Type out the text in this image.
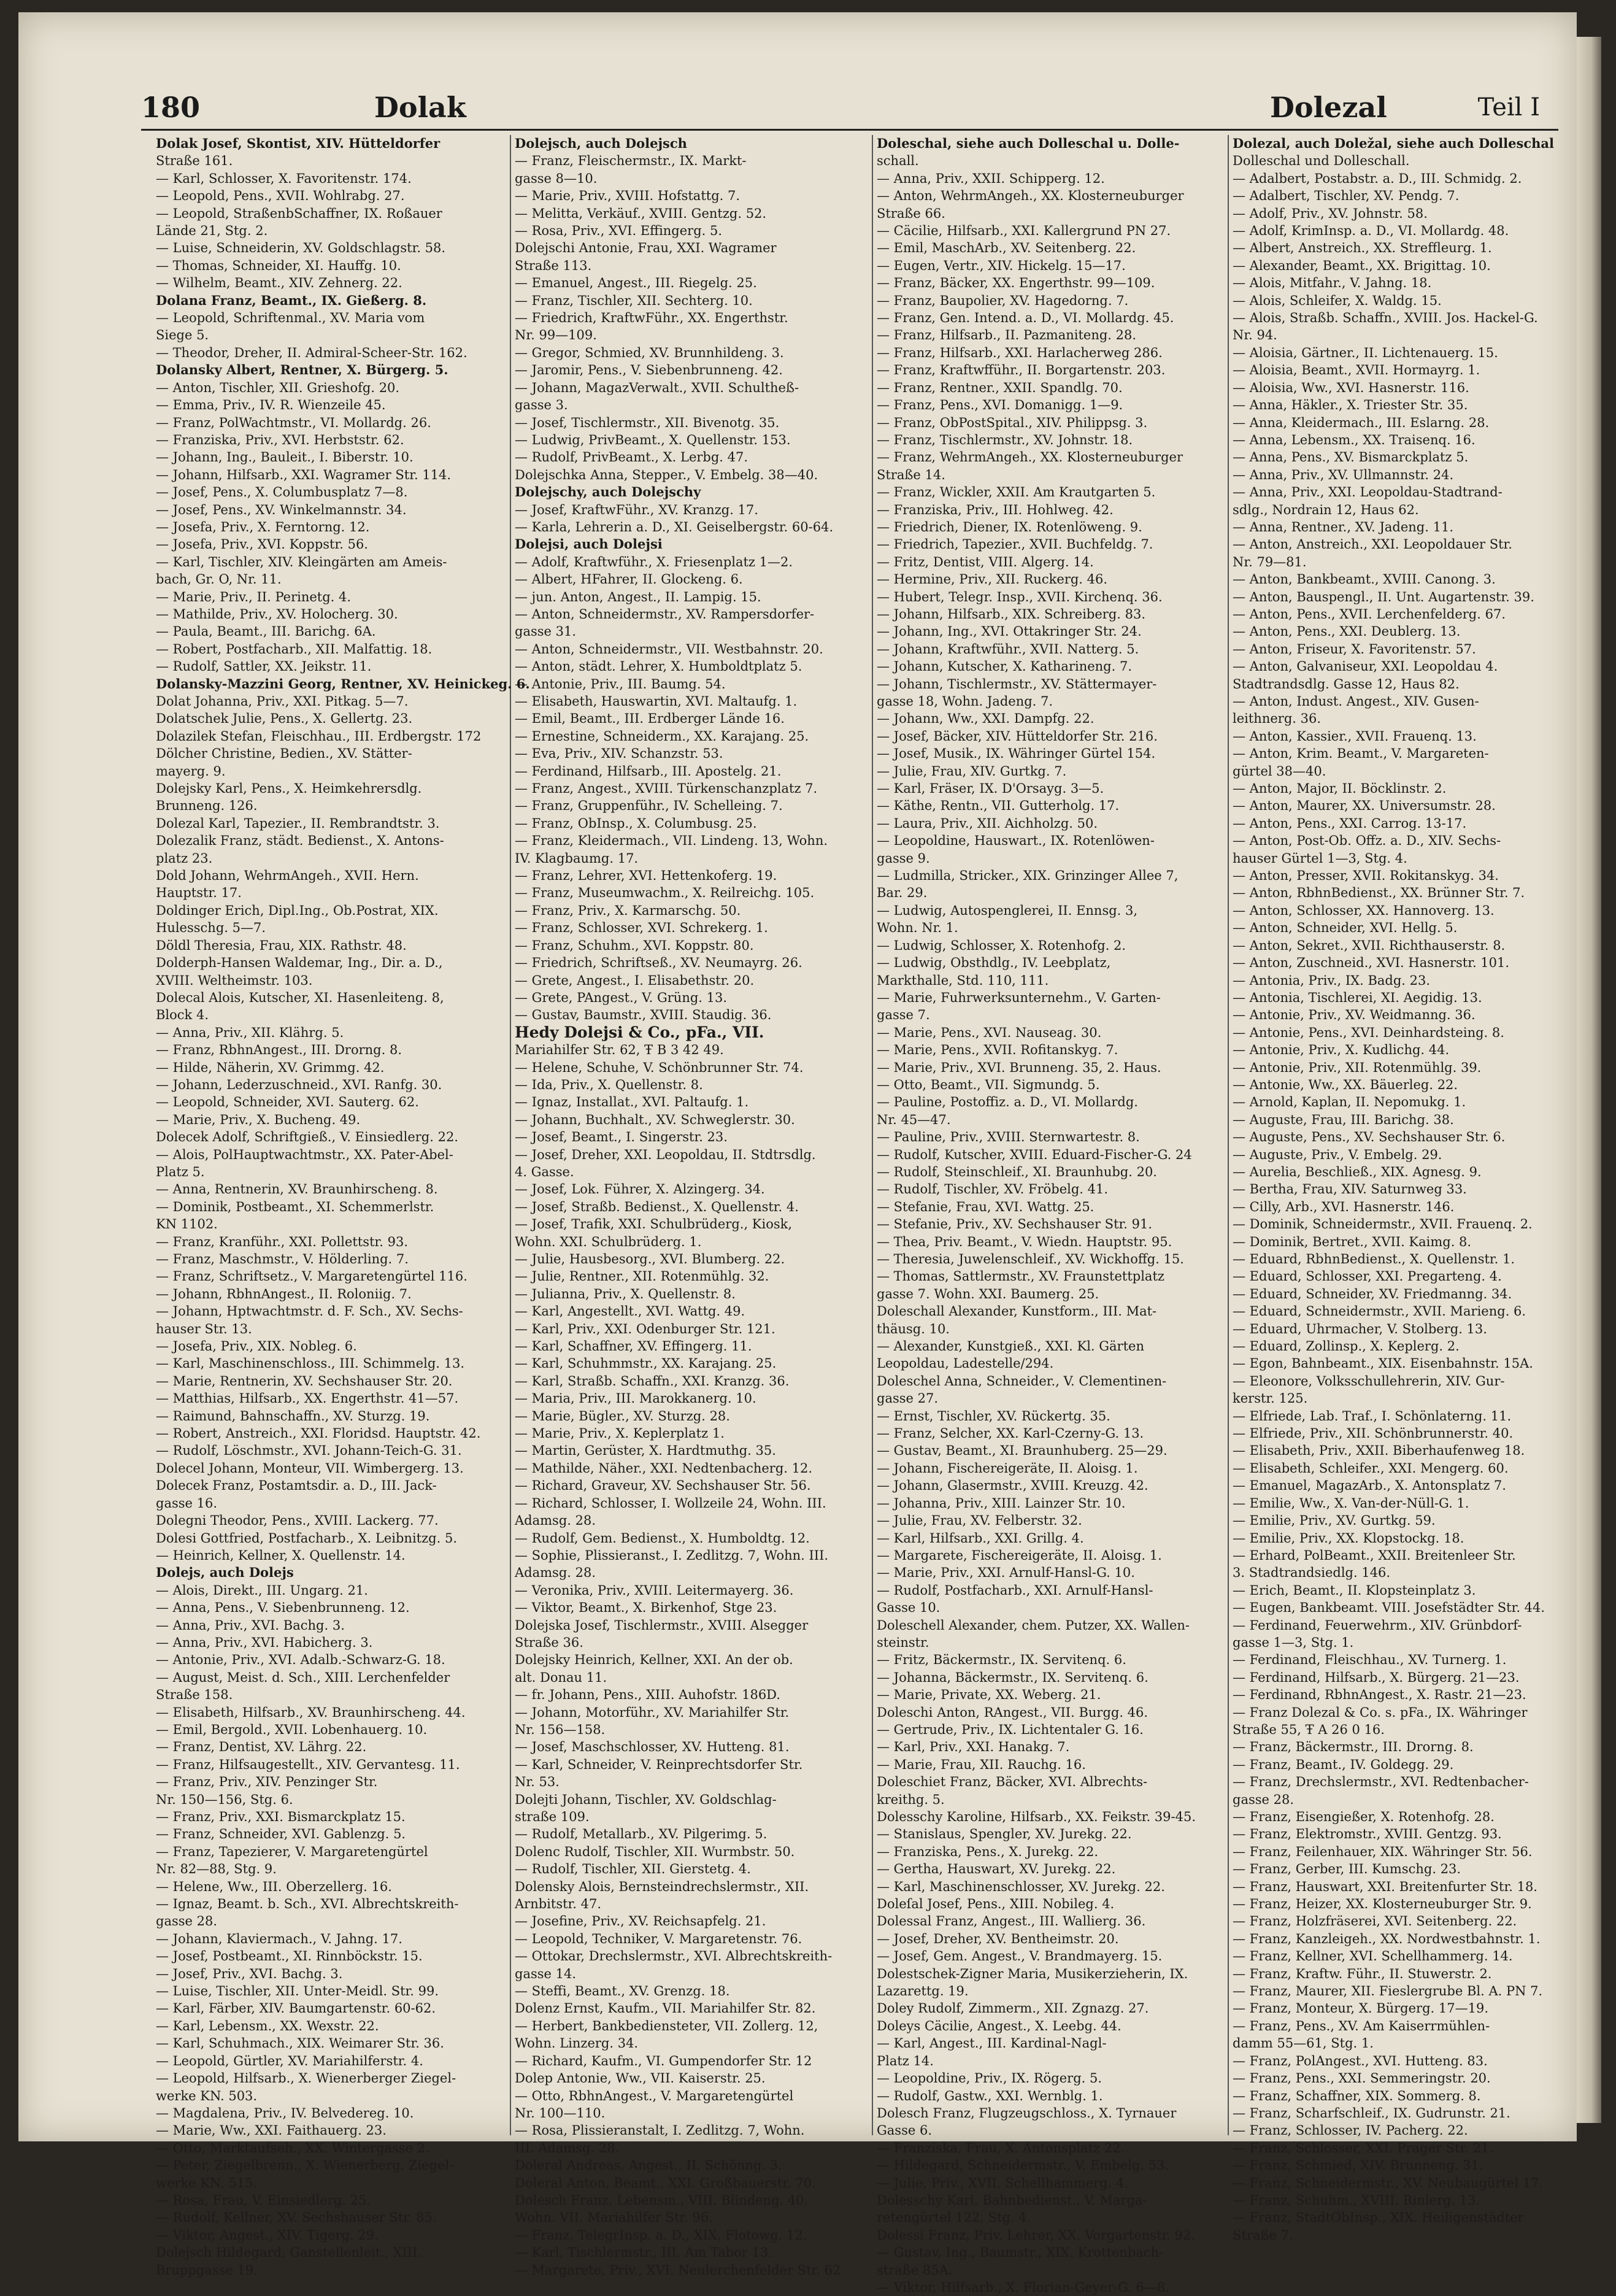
180	Dolak	Dolezal	Teil I
Dolak Josef, Skontist, XIV. Hütteldorfer
Straße 161.
— Karl, Schlosser, X. Favoritenstr. 174.
— Leopold, Pens., XVII. Wohlrabg. 27.
— Leopold, StraßenbSchaffner, IX. Roßauer
Lände 21, Stg. 2.
— Luise, Schneiderin, XV. Goldschlagstr. 58.
— Thomas, Schneider, XI. Hauffg. 10.
— Wilhelm, Beamt., XIV. Zehnerg. 22.
Dolana Franz, Beamt., IX. Gießerg. 8.
— Leopold, Schriftenmal., XV. Maria vom
Siege 5.
— Theodor, Dreher, II. Admiral-Scheer-Str. 162.
Dolansky Albert, Rentner, X. Bürgerg. 5.
— Anton, Tischler, XII. Grieshofg. 20.
— Emma, Priv., IV. R. Wienzeile 45.
— Franz, PolWachtmstr., VI. Mollardg. 26.
— Franziska, Priv., XVI. Herbststr. 62.
— Johann, Ing., Bauleit., I. Biberstr. 10.
— Johann, Hilfsarb., XXI. Wagramer Str. 114.
— Josef, Pens., X. Columbusplatz 7—8.
— Josef, Pens., XV. Winkelmannstr. 34.
— Josefa, Priv., X. Ferntorng. 12.
— Josefa, Priv., XVI. Koppstr. 56.
— Karl, Tischler, XIV. Kleingärten am Ameis-
bach, Gr. O, Nr. 11.
— Marie, Priv., II. Perinetg. 4.
— Mathilde, Priv., XV. Holocherg. 30.
— Paula, Beamt., III. Barichg. 6A.
— Robert, Postfacharb., XII. Malfattig. 18.
— Rudolf, Sattler, XX. Jeikstr. 11.
Dolansky-Mazzini Georg, Rentner, XV. Heinickeg. 6.
Dolat Johanna, Priv., XXI. Pitkag. 5—7.
Dolatschek Julie, Pens., X. Gellertg. 23.
Dolazilek Stefan, Fleischhau., III. Erdbergstr. 172
Dölcher Christine, Bedien., XV. Stätter-
mayerg. 9.
Dolejsky Karl, Pens., X. Heimkehrersdlg.
Brunneng. 126.
Dolezal Karl, Tapezier., II. Rembrandtstr. 3.
Dolezalik Franz, städt. Bedienst., X. Antons-
platz 23.
Dold Johann, WehrmAngeh., XVII. Hern.
Hauptstr. 17.
Doldinger Erich, Dipl.Ing., Ob.Postrat, XIX.
Hulesschg. 5—7.
Döldl Theresia, Frau, XIX. Rathstr. 48.
Dolderph-Hansen Waldemar, Ing., Dir. a. D.,
XVIII. Weltheimstr. 103.
Dolecal Alois, Kutscher, XI. Hasenleiteng. 8,
Block 4.
— Anna, Priv., XII. Klährg. 5.
— Franz, RbhnAngest., III. Drorng. 8.
— Hilde, Näherin, XV. Grimmg. 42.
— Johann, Lederzuschneid., XVI. Ranfg. 30.
— Leopold, Schneider, XVI. Sauterg. 62.
— Marie, Priv., X. Bucheng. 49.
Dolecek Adolf, Schriftgieß., V. Einsiedlerg. 22.
— Alois, PolHauptwachtmstr., XX. Pater-Abel-
Platz 5.
— Anna, Rentnerin, XV. Braunhirscheng. 8.
— Dominik, Postbeamt., XI. Schemmerlstr.
KN 1102.
— Franz, Kranführ., XXI. Pollettstr. 93.
— Franz, Maschmstr., V. Hölderling. 7.
— Franz, Schriftsetz., V. Margaretengürtel 116.
— Johann, RbhnAngest., II. Roloniig. 7.
— Johann, Hptwachtmstr. d. F. Sch., XV. Sechs-
hauser Str. 13.
— Josefa, Priv., XIX. Nobleg. 6.
— Karl, Maschinenschloss., III. Schimmelg. 13.
— Marie, Rentnerin, XV. Sechshauser Str. 20.
— Matthias, Hilfsarb., XX. Engerthstr. 41—57.
— Raimund, Bahnschaffn., XV. Sturzg. 19.
— Robert, Anstreich., XXI. Floridsd. Hauptstr. 42.
— Rudolf, Löschmstr., XVI. Johann-Teich-G. 31.
Dolecel Johann, Monteur, VII. Wimbergerg. 13.
Dolecek Franz, Postamtsdir. a. D., III. Jack-
gasse 16.
Dolegni Theodor, Pens., XVIII. Lackerg. 77.
Dolesi Gottfried, Postfacharb., X. Leibnitzg. 5.
— Heinrich, Kellner, X. Quellenstr. 14.
Dolejs, auch Dolejs
— Alois, Direkt., III. Ungarg. 21.
— Anna, Pens., V. Siebenbrunneng. 12.
— Anna, Priv., XVI. Bachg. 3.
— Anna, Priv., XVI. Habicherg. 3.
— Antonie, Priv., XVI. Adalb.-Schwarz-G. 18.
— August, Meist. d. Sch., XIII. Lerchenfelder
Straße 158.
— Elisabeth, Hilfsarb., XV. Braunhirscheng. 44.
— Emil, Bergold., XVII. Lobenhauerg. 10.
— Franz, Dentist, XV. Lährg. 22.
— Franz, Hilfsaugestellt., XIV. Gervantesg. 11.
— Franz, Priv., XIV. Penzinger Str.
Nr. 150—156, Stg. 6.
— Franz, Priv., XXI. Bismarckplatz 15.
— Franz, Schneider, XVI. Gablenzg. 5.
— Franz, Tapezierer, V. Margaretengürtel
Nr. 82—88, Stg. 9.
— Helene, Ww., III. Oberzellerg. 16.
— Ignaz, Beamt. b. Sch., XVI. Albrechtskreith-
gasse 28.
— Johann, Klaviermach., V. Jahng. 17.
— Josef, Postbeamt., XI. Rinnböckstr. 15.
— Josef, Priv., XVI. Bachg. 3.
— Luise, Tischler, XII. Unter-Meidl. Str. 99.
— Karl, Färber, XIV. Baumgartenstr. 60-62.
— Karl, Lebensm., XX. Wexstr. 22.
— Karl, Schuhmach., XIX. Weimarer Str. 36.
— Leopold, Gürtler, XV. Mariahilferstr. 4.
— Leopold, Hilfsarb., X. Wienerberger Ziegel-
werke KN. 503.
— Magdalena, Priv., IV. Belvedereg. 10.
— Marie, Ww., XXI. Faithauerg. 23.
— Otto, Marktaufseh., XX. Wintergasse 2.
— Peter, Ziegelbrenn., X. Wienerberg. Ziegel-
werke KN. 515.
— Rosa, Frau, V. Einsiedlerg. 25.
— Rudolf, Kellner, XV. Sechshauser Str. 85.
— Viktor, Angest., XIV. Tigerg. 29.
Dolejsch Hildegard, Ganstellenleit., XIII.
Bruppgasse 19.
Dolejsch, auch Dolejsch
— Franz, Fleischermstr., IX. Markt-
gasse 8—10.
— Marie, Priv., XVIII. Hofstattg. 7.
— Melitta, Verkäuf., XVIII. Gentzg. 52.
— Rosa, Priv., XVI. Effingerg. 5.
Dolejschi Antonie, Frau, XXI. Wagramer
Straße 113.
— Emanuel, Angest., III. Riegelg. 25.
— Franz, Tischler, XII. Sechterg. 10.
— Friedrich, KraftwFühr., XX. Engerthstr.
Nr. 99—109.
— Gregor, Schmied, XV. Brunnhildeng. 3.
— Jaromir, Pens., V. Siebenbrunneng. 42.
— Johann, MagazVerwalt., XVII. Schultheß-
gasse 3.
— Josef, Tischlermstr., XII. Bivenotg. 35.
— Ludwig, PrivBeamt., X. Quellenstr. 153.
— Rudolf, PrivBeamt., X. Lerbg. 47.
Dolejschka Anna, Stepper., V. Embelg. 38—40.
Dolejschy, auch Dolejschy
— Josef, KraftwFühr., XV. Kranzg. 17.
— Karla, Lehrerin a. D., XI. Geiselbergstr. 60-64.
Dolejsi, auch Dolejsi
— Adolf, Kraftwführ., X. Friesenplatz 1—2.
— Albert, HFahrer, II. Glockeng. 6.
— jun. Anton, Angest., II. Lampig. 15.
— Anton, Schneidermstr., XV. Rampersdorfer-
gasse 31.
— Anton, Schneidermstr., VII. Westbahnstr. 20.
— Anton, städt. Lehrer, X. Humboldtplatz 5.
— Antonie, Priv., III. Baumg. 54.
— Elisabeth, Hauswartin, XVI. Maltaufg. 1.
— Emil, Beamt., III. Erdberger Lände 16.
— Ernestine, Schneiderm., XX. Karajang. 25.
— Eva, Priv., XIV. Schanzstr. 53.
— Ferdinand, Hilfsarb., III. Apostelg. 21.
— Franz, Angest., XVIII. Türkenschanzplatz 7.
— Franz, Gruppenführ., IV. Schelleing. 7.
— Franz, ObInsp., X. Columbusg. 25.
— Franz, Kleidermach., VII. Lindeng. 13, Wohn.
IV. Klagbaumg. 17.
— Franz, Lehrer, XVI. Hettenkoferg. 19.
— Franz, Museumwachm., X. Reilreichg. 105.
— Franz, Priv., X. Karmarschg. 50.
— Franz, Schlosser, XVI. Schrekerg. 1.
— Franz, Schuhm., XVI. Koppstr. 80.
— Friedrich, Schriftseß., XV. Neumayrg. 26.
— Grete, Angest., I. Elisabethstr. 20.
— Grete, PAngest., V. Grüng. 13.
— Gustav, Baumstr., XVIII. Staudig. 36.
Hedy Dolejsi & Co., pFa., VII.
Mariahilfer Str. 62, Ŧ B 3 42 49.
— Helene, Schuhe, V. Schönbrunner Str. 74.
— Ida, Priv., X. Quellenstr. 8.
— Ignaz, Installat., XVI. Paltaufg. 1.
— Johann, Buchhalt., XV. Schweglerstr. 30.
— Josef, Beamt., I. Singerstr. 23.
— Josef, Dreher, XXI. Leopoldau, II. Stdtrsdlg.
4. Gasse.
— Josef, Lok. Führer, X. Alzingerg. 34.
— Josef, Straßb. Bedienst., X. Quellenstr. 4.
— Josef, Trafik, XXI. Schulbrüderg., Kiosk,
Wohn. XXI. Schulbrüderg. 1.
— Julie, Hausbesorg., XVI. Blumberg. 22.
— Julie, Rentner., XII. Rotenmühlg. 32.
— Julianna, Priv., X. Quellenstr. 8.
— Karl, Angestellt., XVI. Wattg. 49.
— Karl, Priv., XXI. Odenburger Str. 121.
— Karl, Schaffner, XV. Effingerg. 11.
— Karl, Schuhmmstr., XX. Karajang. 25.
— Karl, Straßb. Schaffn., XXI. Kranzg. 36.
— Maria, Priv., III. Marokkanerg. 10.
— Marie, Bügler., XV. Sturzg. 28.
— Marie, Priv., X. Keplerplatz 1.
— Martin, Gerüster, X. Hardtmuthg. 35.
— Mathilde, Näher., XXI. Nedtenbacherg. 12.
— Richard, Graveur, XV. Sechshauser Str. 56.
— Richard, Schlosser, I. Wollzeile 24, Wohn. III.
Adamsg. 28.
— Rudolf, Gem. Bedienst., X. Humboldtg. 12.
— Sophie, Plissieranst., I. Zedlitzg. 7, Wohn. III.
Adamsg. 28.
— Veronika, Priv., XVIII. Leitermayerg. 36.
— Viktor, Beamt., X. Birkenhof, Stge 23.
Dolejska Josef, Tischlermstr., XVIII. Alsegger
Straße 36.
Dolejsky Heinrich, Kellner, XXI. An der ob.
alt. Donau 11.
— fr. Johann, Pens., XIII. Auhofstr. 186D.
— Johann, Motorführ., XV. Mariahilfer Str.
Nr. 156—158.
— Josef, Maschschlosser, XV. Hutteng. 81.
— Karl, Schneider, V. Reinprechtsdorfer Str.
Nr. 53.
Dolejti Johann, Tischler, XV. Goldschlag-
straße 109.
— Rudolf, Metallarb., XV. Pilgerimg. 5.
Dolenc Rudolf, Tischler, XII. Wurmbstr. 50.
— Rudolf, Tischler, XII. Gierstetg. 4.
Dolensky Alois, Bernsteindrechslermstr., XII.
Arnbitstr. 47.
— Josefine, Priv., XV. Reichsapfelg. 21.
— Leopold, Techniker, V. Margaretenstr. 76.
— Ottokar, Drechslermstr., XVI. Albrechtskreith-
gasse 14.
— Steffi, Beamt., XV. Grenzg. 18.
Dolenz Ernst, Kaufm., VII. Mariahilfer Str. 82.
— Herbert, Bankbediensteter, VII. Zollerg. 12,
Wohn. Linzerg. 34.
— Richard, Kaufm., VI. Gumpendorfer Str. 12
Dolep Antonie, Ww., VII. Kaiserstr. 25.
— Otto, RbhnAngest., V. Margaretengürtel
Nr. 100—110.
— Rosa, Plissieranstalt, I. Zedlitzg. 7, Wohn.
III. Adamsg. 28.
Doleral Andreas, Angest., II. Schönng. 3.
Doleral Anton, Beamt., XXI. Großbauerstr. 70.
Dolesch Franz, Lebensm., VIII. Blindeng. 40,
Wohn. VII. Mariahilfer Str. 96.
— Franz, TelegrInsp. a. D., XIX. Flotowg. 12.
— Karl, Tischlermstr., III. Am Tabor 13.
— Margarete, Priv., XVI. Neulerchenfelder Str. 62
Doleschal, siehe auch Dolleschal u. Dolle-
schall.
— Anna, Priv., XXII. Schipperg. 12.
— Anton, WehrmAngeh., XX. Klosterneuburger
Straße 66.
— Cäcilie, Hilfsarb., XXI. Kallergrund PN 27.
— Emil, MaschArb., XV. Seitenberg. 22.
— Eugen, Vertr., XIV. Hickelg. 15—17.
— Franz, Bäcker, XX. Engerthstr. 99—109.
— Franz, Baupolier, XV. Hagedorng. 7.
— Franz, Gen. Intend. a. D., VI. Mollardg. 45.
— Franz, Hilfsarb., II. Pazmaniteng. 28.
— Franz, Hilfsarb., XXI. Harlacherweg 286.
— Franz, Kraftwfführ., II. Borgartenstr. 203.
— Franz, Rentner., XXII. Spandlg. 70.
— Franz, Pens., XVI. Domanigg. 1—9.
— Franz, ObPostSpital., XIV. Philippsg. 3.
— Franz, Tischlermstr., XV. Johnstr. 18.
— Franz, WehrmAngeh., XX. Klosterneuburger
Straße 14.
— Franz, Wickler, XXII. Am Krautgarten 5.
— Franziska, Priv., III. Hohlweg. 42.
— Friedrich, Diener, IX. Rotenlöweng. 9.
— Friedrich, Tapezier., XVII. Buchfeldg. 7.
— Fritz, Dentist, VIII. Algerg. 14.
— Hermine, Priv., XII. Ruckerg. 46.
— Hubert, Telegr. Insp., XVII. Kirchenq. 36.
— Johann, Hilfsarb., XIX. Schreiberg. 83.
— Johann, Ing., XVI. Ottakringer Str. 24.
— Johann, Kraftwführ., XVII. Natterg. 5.
— Johann, Kutscher, X. Katharineng. 7.
— Johann, Tischlermstr., XV. Stättermayer-
gasse 18, Wohn. Jadeng. 7.
— Johann, Ww., XXI. Dampfg. 22.
— Josef, Bäcker, XIV. Hütteldorfer Str. 216.
— Josef, Musik., IX. Währinger Gürtel 154.
— Julie, Frau, XIV. Gurtkg. 7.
— Karl, Fräser, IX. D'Orsayg. 3—5.
— Käthe, Rentn., VII. Gutterholg. 17.
— Laura, Priv., XII. Aichholzg. 50.
— Leopoldine, Hauswart., IX. Rotenlöwen-
gasse 9.
— Ludmilla, Stricker., XIX. Grinzinger Allee 7,
Bar. 29.
— Ludwig, Autospenglerei, II. Ennsg. 3,
Wohn. Nr. 1.
— Ludwig, Schlosser, X. Rotenhofg. 2.
— Ludwig, Obsthdlg., IV. Leebplatz,
Markthalle, Std. 110, 111.
— Marie, Fuhrwerksunternehm., V. Garten-
gasse 7.
— Marie, Pens., XVI. Nauseag. 30.
— Marie, Pens., XVII. Rofitanskyg. 7.
— Marie, Priv., XVI. Brunneng. 35, 2. Haus.
— Otto, Beamt., VII. Sigmundg. 5.
— Pauline, Postoffiz. a. D., VI. Mollardg.
Nr. 45—47.
— Pauline, Priv., XVIII. Sternwartestr. 8.
— Rudolf, Kutscher, XVIII. Eduard-Fischer-G. 24
— Rudolf, Steinschleif., XI. Braunhubg. 20.
— Rudolf, Tischler, XV. Fröbelg. 41.
— Stefanie, Frau, XVI. Wattg. 25.
— Stefanie, Priv., XV. Sechshauser Str. 91.
— Thea, Priv. Beamt., V. Wiedn. Hauptstr. 95.
— Theresia, Juwelenschleif., XV. Wickhoffg. 15.
— Thomas, Sattlermstr., XV. Fraunstettplatz
gasse 7. Wohn. XXI. Baumerg. 25.
Doleschall Alexander, Kunstform., III. Mat-
thäusg. 10.
— Alexander, Kunstgieß., XXI. Kl. Gärten
Leopoldau, Ladestelle/294.
Doleschel Anna, Schneider., V. Clementinen-
gasse 27.
— Ernst, Tischler, XV. Rückertg. 35.
— Franz, Selcher, XX. Karl-Czerny-G. 13.
— Gustav, Beamt., XI. Braunhuberg. 25—29.
— Johann, Fischereigeräte, II. Aloisg. 1.
— Johann, Glasermstr., XVIII. Kreuzg. 42.
— Johanna, Priv., XIII. Lainzer Str. 10.
— Julie, Frau, XV. Felberstr. 32.
— Karl, Hilfsarb., XXI. Grillg. 4.
— Margarete, Fischereigeräte, II. Aloisg. 1.
— Marie, Priv., XXI. Arnulf-Hansl-G. 10.
— Rudolf, Postfacharb., XXI. Arnulf-Hansl-
Gasse 10.
Doleschell Alexander, chem. Putzer, XX. Wallen-
steinstr.
— Fritz, Bäckermstr., IX. Servitenq. 6.
— Johanna, Bäckermstr., IX. Servitenq. 6.
— Marie, Private, XX. Weberg. 21.
Doleschi Anton, RAngest., VII. Burgg. 46.
— Gertrude, Priv., IX. Lichtentaler G. 16.
— Karl, Priv., XXI. Hanakg. 7.
— Marie, Frau, XII. Rauchg. 16.
Doleschiet Franz, Bäcker, XVI. Albrechts-
kreithg. 5.
Dolesschy Karoline, Hilfsarb., XX. Feikstr. 39-45.
— Stanislaus, Spengler, XV. Jurekg. 22.
— Franziska, Pens., X. Jurekg. 22.
— Gertha, Hauswart, XV. Jurekg. 22.
— Karl, Maschinenschlosser, XV. Jurekg. 22.
Doleſal Josef, Pens., XIII. Nobileg. 4.
Dolessal Franz, Angest., III. Wallierg. 36.
— Josef, Dreher, XV. Bentheimstr. 20.
— Josef, Gem. Angest., V. Brandmayerg. 15.
Dolestschek-Zigner Maria, Musikerzieherin, IX.
Lazarettg. 19.
Doley Rudolf, Zimmerm., XII. Zgnazg. 27.
Doleys Cäcilie, Angest., X. Leebg. 44.
— Karl, Angest., III. Kardinal-Nagl-
Platz 14.
— Leopoldine, Priv., IX. Rögerg. 5.
— Rudolf, Gastw., XXI. Wernblg. 1.
Dolesch Franz, Flugzeugschloss., X. Tyrnauer
Gasse 6.
— Franziska, Frau, X. Antonsplatz 22.
— Hildegard, Schneidermstr., V. Embelg. 53.
— Julie, Priv., XVII. Schellhammerg. 4.
Dolesschy Karl, Bahnbedienst., V. Marga-
retengürtel 122, Stg. 4.
Dolessi Franz, Priv. Lehrer, XX. Vorgartenstr. 92.
— Gustav, Ing., Baumstr., XIX. Krottenbach-
straße 85A.
— Viktor, Hilfsarb., X. Florian-Geyer-G. 6—8.
Dolezal, auch Doležal, siehe auch Dolleschal
Dolleschal und Dolleschall.
— Adalbert, Postabstr. a. D., III. Schmidg. 2.
— Adalbert, Tischler, XV. Pendg. 7.
— Adolf, Priv., XV. Johnstr. 58.
— Adolf, KrimInsp. a. D., VI. Mollardg. 48.
— Albert, Anstreich., XX. Streffleurg. 1.
— Alexander, Beamt., XX. Brigittag. 10.
— Alois, Mitfahr., V. Jahng. 18.
— Alois, Schleifer, X. Waldg. 15.
— Alois, Straßb. Schaffn., XVIII. Jos. Hackel-G.
Nr. 94.
— Aloisia, Gärtner., II. Lichtenauerg. 15.
— Aloisia, Beamt., XVII. Hormayrg. 1.
— Aloisia, Ww., XVI. Hasnerstr. 116.
— Anna, Häkler., X. Triester Str. 35.
— Anna, Kleidermach., III. Eslarng. 28.
— Anna, Lebensm., XX. Traisenq. 16.
— Anna, Pens., XV. Bismarckplatz 5.
— Anna, Priv., XV. Ullmannstr. 24.
— Anna, Priv., XXI. Leopoldau-Stadtrand-
sdlg., Nordrain 12, Haus 62.
— Anna, Rentner., XV. Jadeng. 11.
— Anton, Anstreich., XXI. Leopoldauer Str.
Nr. 79—81.
— Anton, Bankbeamt., XVIII. Canong. 3.
— Anton, Bauspengl., II. Unt. Augartenstr. 39.
— Anton, Pens., XVII. Lerchenfelderg. 67.
— Anton, Pens., XXI. Deublerg. 13.
— Anton, Friseur, X. Favoritenstr. 57.
— Anton, Galvaniseur, XXI. Leopoldau 4.
Stadtrandsdlg. Gasse 12, Haus 82.
— Anton, Indust. Angest., XIV. Gusen-
leithnerg. 36.
— Anton, Kassier., XVII. Frauenq. 13.
— Anton, Krim. Beamt., V. Margareten-
gürtel 38—40.
— Anton, Major, II. Böcklinstr. 2.
— Anton, Maurer, XX. Universumstr. 28.
— Anton, Pens., XXI. Carrog. 13-17.
— Anton, Post-Ob. Offz. a. D., XIV. Sechs-
hauser Gürtel 1—3, Stg. 4.
— Anton, Presser, XVII. Rokitanskyg. 34.
— Anton, RbhnBedienst., XX. Brünner Str. 7.
— Anton, Schlosser, XX. Hannoverg. 13.
— Anton, Schneider, XVI. Hellg. 5.
— Anton, Sekret., XVII. Richthauserstr. 8.
— Anton, Zuschneid., XVI. Hasnerstr. 101.
— Antonia, Priv., IX. Badg. 23.
— Antonia, Tischlerei, XI. Aegidig. 13.
— Antonie, Priv., XV. Weidmanng. 36.
— Antonie, Pens., XVI. Deinhardsteing. 8.
— Antonie, Priv., X. Kudlichg. 44.
— Antonie, Priv., XII. Rotenmühlg. 39.
— Antonie, Ww., XX. Bäuerleg. 22.
— Arnold, Kaplan, II. Nepomukg. 1.
— Auguste, Frau, III. Barichg. 38.
— Auguste, Pens., XV. Sechshauser Str. 6.
— Auguste, Priv., V. Embelg. 29.
— Aurelia, Beschließ., XIX. Agnesg. 9.
— Bertha, Frau, XIV. Saturnweg 33.
— Cilly, Arb., XVI. Hasnerstr. 146.
— Dominik, Schneidermstr., XVII. Frauenq. 2.
— Dominik, Bertret., XVII. Kaimg. 8.
— Eduard, RbhnBedienst., X. Quellenstr. 1.
— Eduard, Schlosser, XXI. Pregarteng. 4.
— Eduard, Schneider, XV. Friedmanng. 34.
— Eduard, Schneidermstr., XVII. Marieng. 6.
— Eduard, Uhrmacher, V. Stolberg. 13.
— Eduard, Zollinsp., X. Keplerg. 2.
— Egon, Bahnbeamt., XIX. Eisenbahnstr. 15A.
— Eleonore, Volksschullehrerin, XIV. Gur-
kerstr. 125.
— Elfriede, Lab. Traf., I. Schönlaterng. 11.
— Elfriede, Priv., XII. Schönbrunnerstr. 40.
— Elisabeth, Priv., XXII. Biberhaufenweg 18.
— Elisabeth, Schleifer., XXI. Mengerg. 60.
— Emanuel, MagazArb., X. Antonsplatz 7.
— Emilie, Ww., X. Van-der-Nüll-G. 1.
— Emilie, Priv., XV. Gurtkg. 59.
— Emilie, Priv., XX. Klopstockg. 18.
— Erhard, PolBeamt., XXII. Breitenleer Str.
3. Stadtrandsiedlg. 146.
— Erich, Beamt., II. Klopsteinplatz 3.
— Eugen, Bankbeamt. VIII. Josefstädter Str. 44.
— Ferdinand, Feuerwehrm., XIV. Grünbdorf-
gasse 1—3, Stg. 1.
— Ferdinand, Fleischhau., XV. Turnerg. 1.
— Ferdinand, Hilfsarb., X. Bürgerg. 21—23.
— Ferdinand, RbhnAngest., X. Rastr. 21—23.
— Franz Dolezal & Co. s. pFa., IX. Währinger
Straße 55, Ŧ A 26 0 16.
— Franz, Bäckermstr., III. Drorng. 8.
— Franz, Beamt., IV. Goldegg. 29.
— Franz, Drechslermstr., XVI. Redtenbacher-
gasse 28.
— Franz, Eisengießer, X. Rotenhofg. 28.
— Franz, Elektromstr., XVIII. Gentzg. 93.
— Franz, Feilenhauer, XIX. Währinger Str. 56.
— Franz, Gerber, III. Kumschg. 23.
— Franz, Hauswart, XXI. Breitenfurter Str. 18.
— Franz, Heizer, XX. Klosterneuburger Str. 9.
— Franz, Holzfräserei, XVI. Seitenberg. 22.
— Franz, Kanzleigeh., XX. Nordwestbahnstr. 1.
— Franz, Kellner, XVI. Schellhammerg. 14.
— Franz, Kraftw. Führ., II. Stuwerstr. 2.
— Franz, Maurer, XII. Fieslergrube Bl. A. PN 7.
— Franz, Monteur, X. Bürgerg. 17—19.
— Franz, Pens., XV. Am Kaiserrmühlen-
damm 55—61, Stg. 1.
— Franz, PolAngest., XVI. Hutteng. 83.
— Franz, Pens., XXI. Semmeringstr. 20.
— Franz, Schaffner, XIX. Sommerg. 8.
— Franz, Scharfschleif., IX. Gudrunstr. 21.
— Franz, Schlosser, IV. Pacherg. 22.
— Franz, Schlosser, XXI. Prager Str. 21.
— Franz, Schmied, XIV. Brunneng. 31.
— Franz, Schneidermstr., XV. Neubaugürtel 17.
— Franz, Schuhm., XVIII. Rinlerg. 13.
— Franz, StadtObInsp., XIX. Heiligenstädter
Straße 7.
